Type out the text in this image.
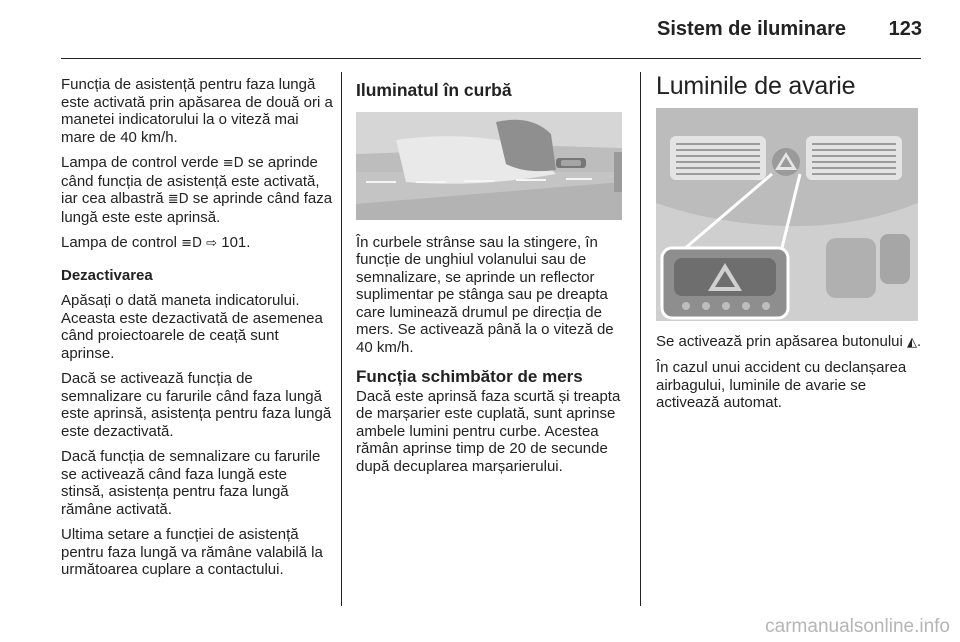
Sistem de iluminare	123

Funcția de asistență pentru faza lungă este activată prin apăsarea de două ori a manetei indicatorului la o viteză mai mare de 40 km/h.

Lampa de control verde ≡D se aprinde când funcția de asistență este activată, iar cea albastră ≣D se aprinde când faza lungă este este aprinsă.

Lampa de control ≡D ⇨ 101.

Dezactivarea

Apăsați o dată maneta indicatorului. Aceasta este dezactivată de asemenea când proiectoarele de ceață sunt aprinse.

Dacă se activează funcția de semnalizare cu farurile când faza lungă este aprinsă, asistența pentru faza lungă este dezactivată.

Dacă funcția de semnalizare cu farurile se activează când faza lungă este stinsă, asistența pentru faza lungă rămâne activată.

Ultima setare a funcției de asistență pentru faza lungă va rămâne valabilă la următoarea cuplare a contactului.

Iluminatul în curbă

În curbele strânse sau la stingere, în funcție de unghiul volanului sau de semnalizare, se aprinde un reflector suplimentar pe stânga sau pe dreapta care luminează drumul pe direcția de mers. Se activează până la o viteză de 40 km/h.

Funcția schimbător de mers

Dacă este aprinsă faza scurtă și treapta de marșarier este cuplată, sunt aprinse ambele lumini pentru curbe. Acestea rămân aprinse timp de 20 de secunde după decuplarea marșarierului.

Luminile de avarie

Se activează prin apăsarea butonului ◭.

În cazul unui accident cu declanșarea airbagului, luminile de avarie se activează automat.

carmanualsonline.info
